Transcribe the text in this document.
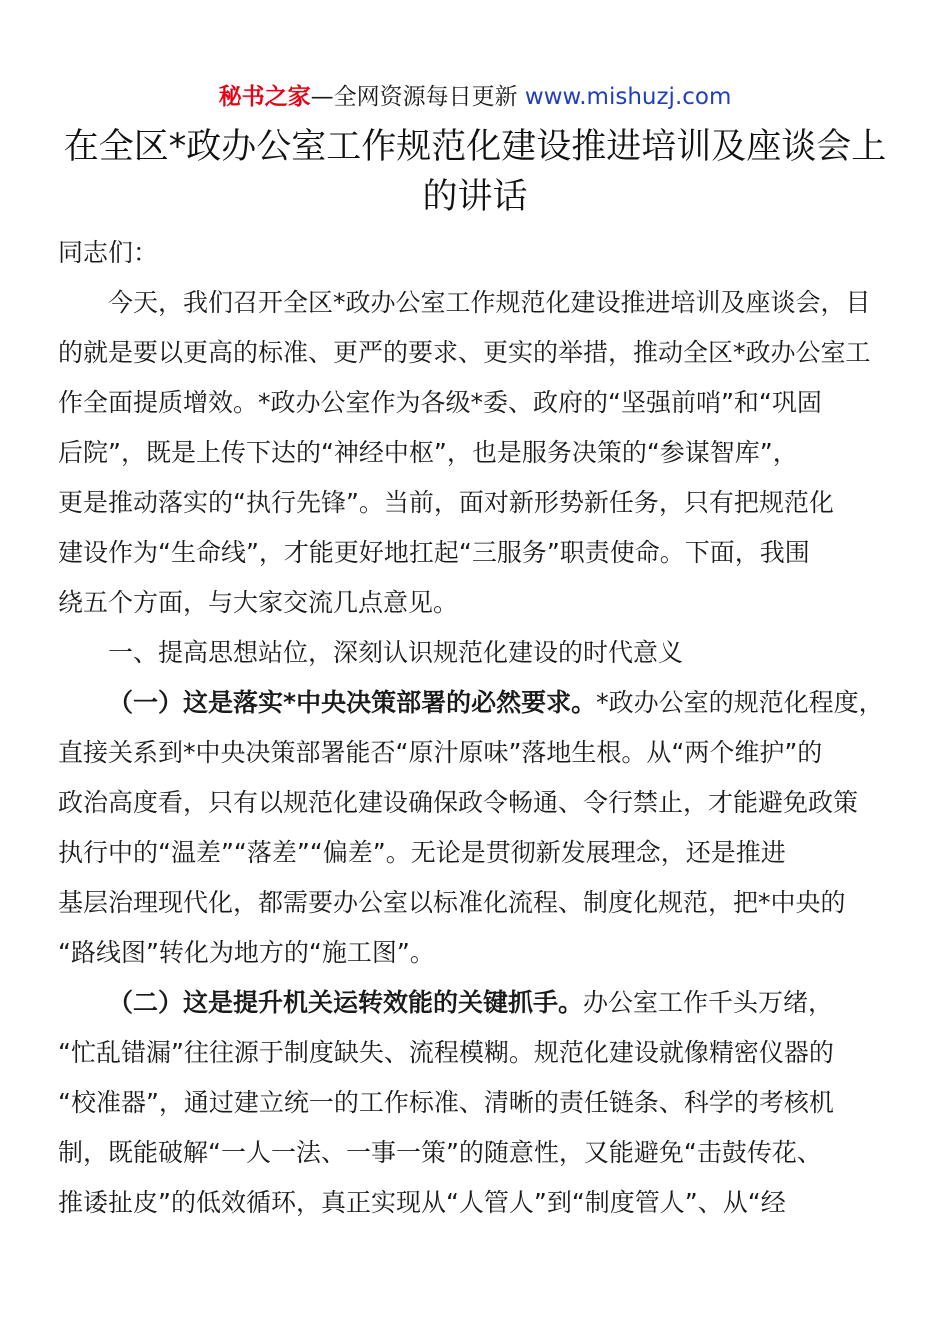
秘书之家—全网资源每日更新 www.mishuzj.com
在全区*政办公室工作规范化建设推进培训及座谈会上
的讲话
同志们：
今天，我们召开全区*政办公室工作规范化建设推进培训及座谈会，目
的就是要以更高的标准、更严的要求、更实的举措，推动全区*政办公室工
作全面提质增效。*政办公室作为各级*委、政府的“坚强前哨”和“巩固
后院”，既是上传下达的“神经中枢”，也是服务决策的“参谋智库”，
更是推动落实的“执行先锋”。当前，面对新形势新任务，只有把规范化
建设作为“生命线”，才能更好地扛起“三服务”职责使命。下面，我围
绕五个方面，与大家交流几点意见。
一、提高思想站位，深刻认识规范化建设的时代意义
（一）这是落实*中央决策部署的必然要求。*政办公室的规范化程度，
直接关系到*中央决策部署能否“原汁原味”落地生根。从“两个维护”的
政治高度看，只有以规范化建设确保政令畅通、令行禁止，才能避免政策
执行中的“温差”“落差”“偏差”。无论是贯彻新发展理念，还是推进
基层治理现代化，都需要办公室以标准化流程、制度化规范，把*中央的
“路线图”转化为地方的“施工图”。
（二）这是提升机关运转效能的关键抓手。办公室工作千头万绪，
“忙乱错漏”往往源于制度缺失、流程模糊。规范化建设就像精密仪器的
“校准器”，通过建立统一的工作标准、清晰的责任链条、科学的考核机
制，既能破解“一人一法、一事一策”的随意性，又能避免“击鼓传花、
推诿扯皮”的低效循环，真正实现从“人管人”到“制度管人”、从“经
